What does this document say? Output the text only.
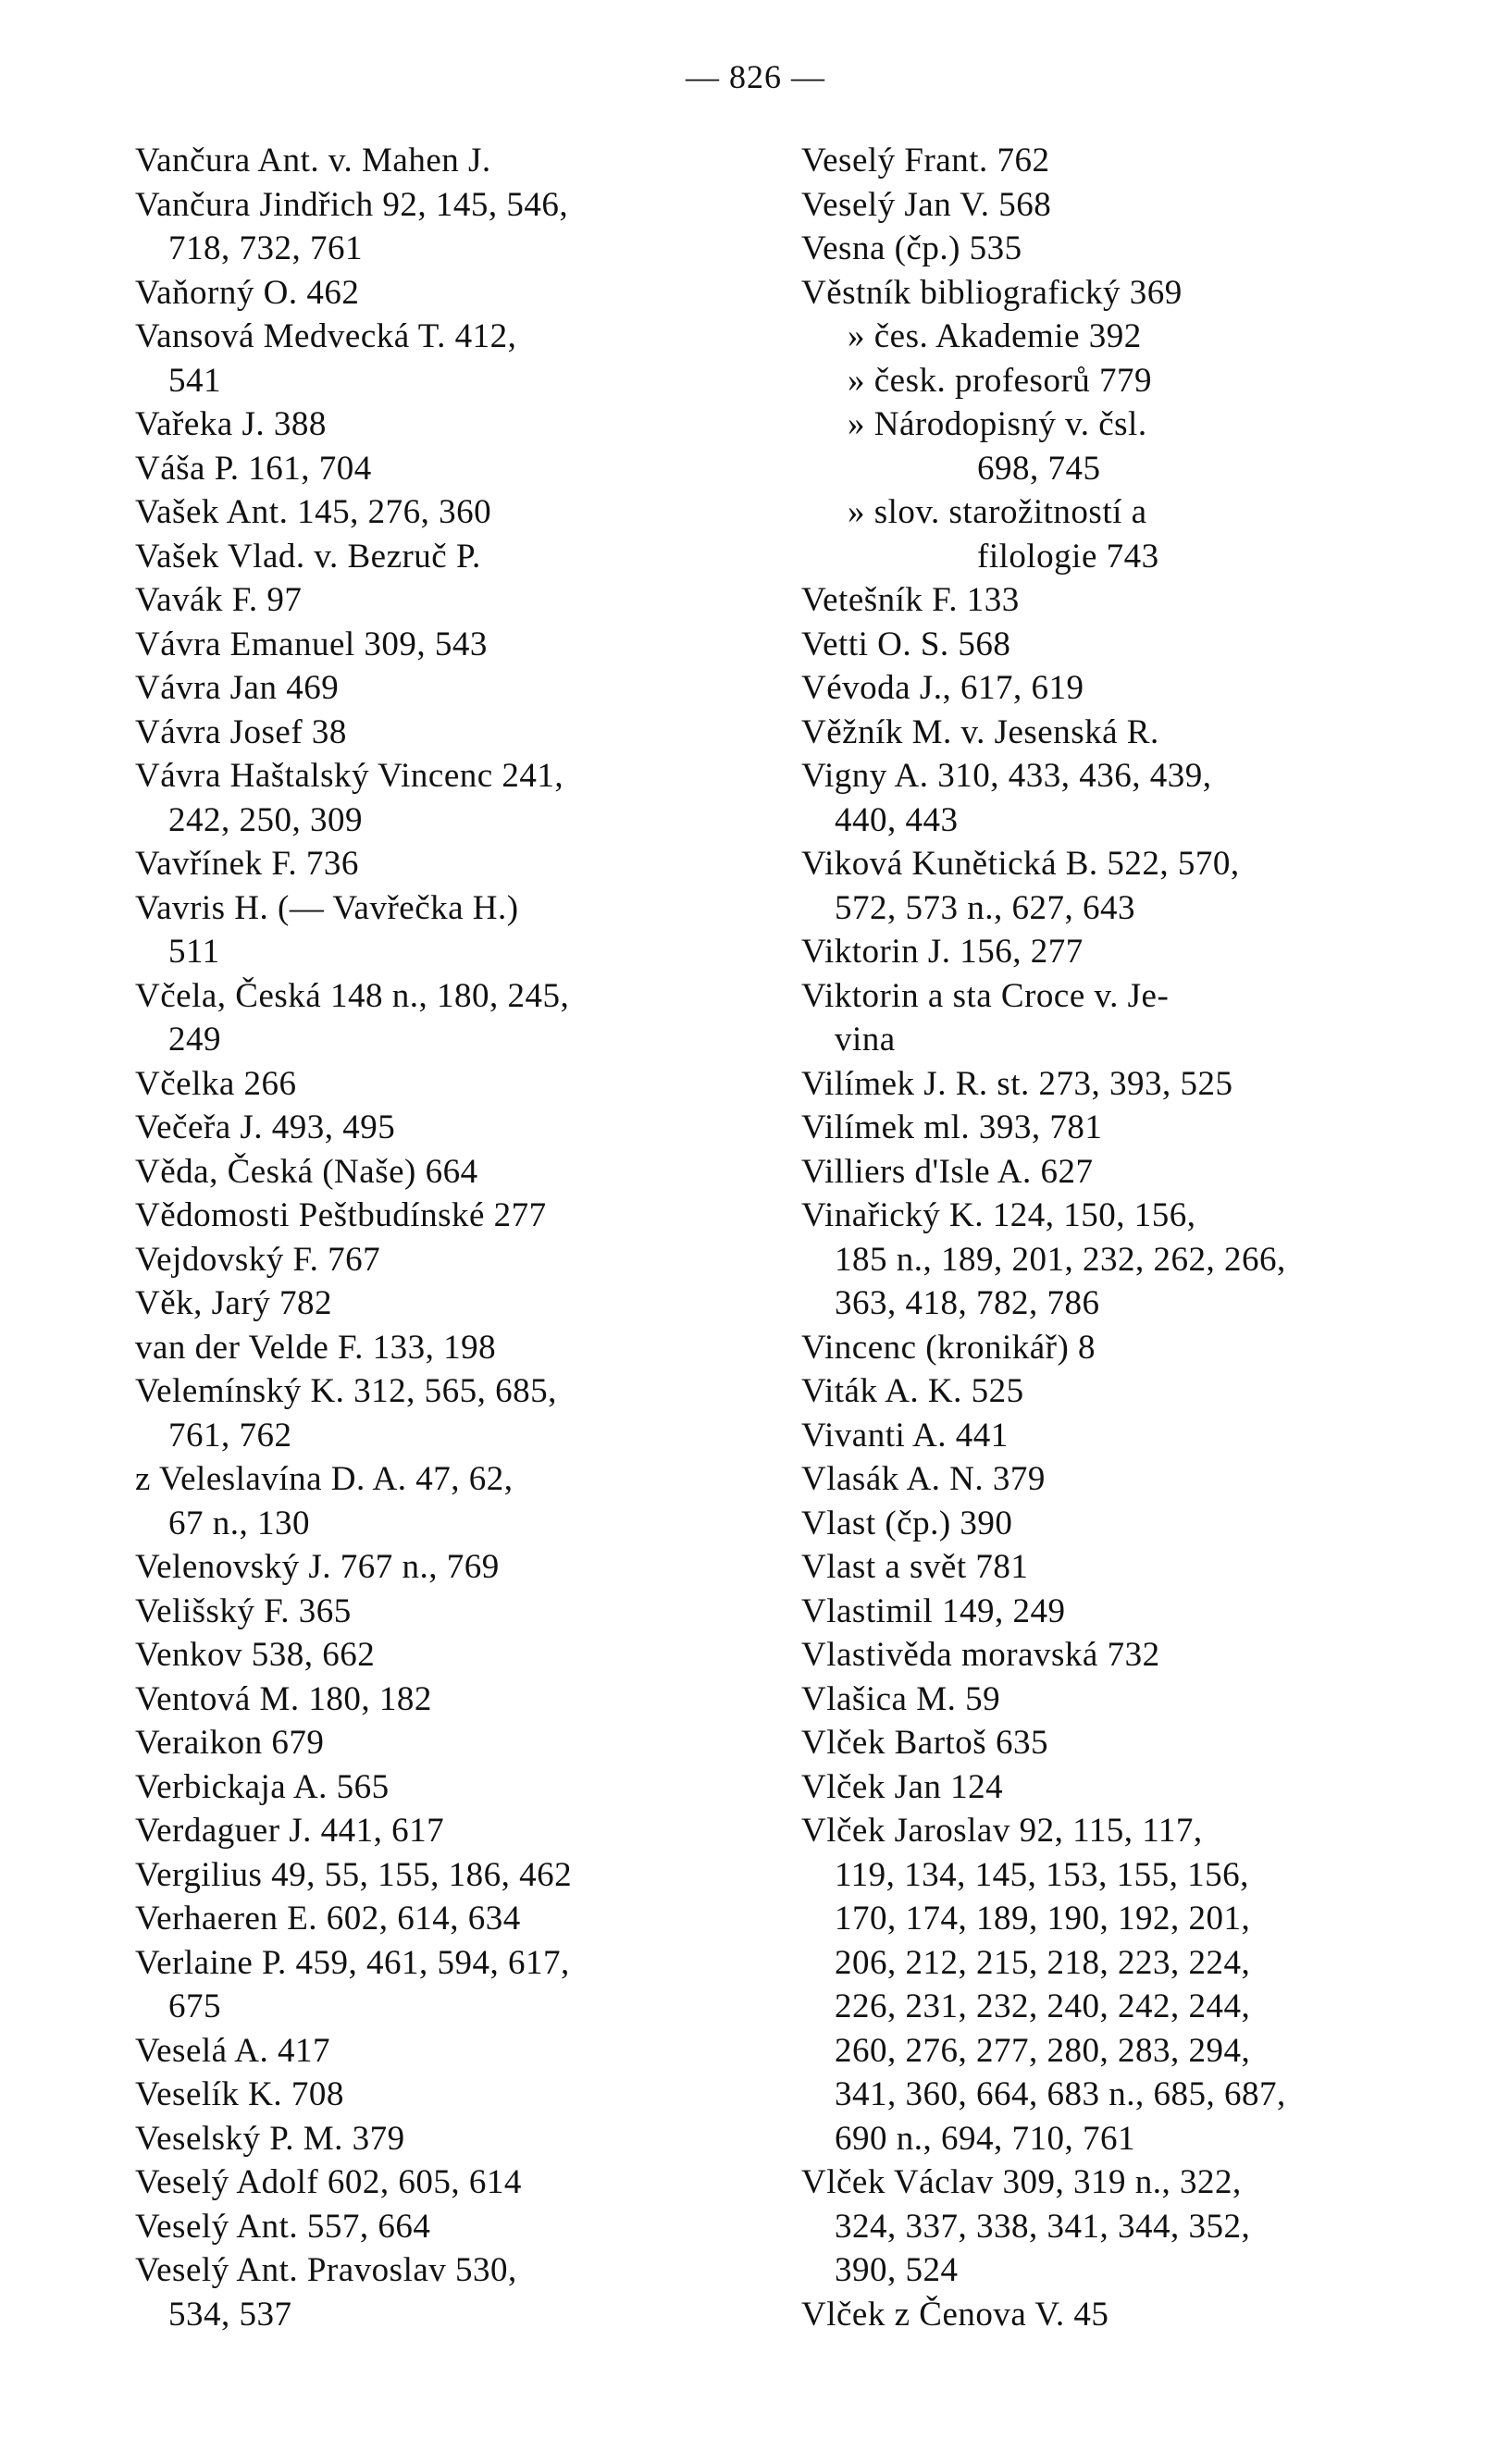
— 826 —
Vančura Ant. v. Mahen J.
Vančura Jindřich 92, 145, 546,
718, 732, 761
Vaňorný O. 462
Vansová Medvecká T. 412,
541
Vařeka J. 388
Váša P. 161, 704
Vašek Ant. 145, 276, 360
Vašek Vlad. v. Bezruč P.
Vavák F. 97
Vávra Emanuel 309, 543
Vávra Jan 469
Vávra Josef 38
Vávra Haštalský Vincenc 241,
242, 250, 309
Vavřínek F. 736
Vavris H. (— Vavřečka H.)
511
Včela, Česká 148 n., 180, 245,
249
Včelka 266
Večeřa J. 493, 495
Věda, Česká (Naše) 664
Vědomosti Peštbudínské 277
Vejdovský F. 767
Věk, Jarý 782
van der Velde F. 133, 198
Velemínský K. 312, 565, 685,
761, 762
z Veleslavína D. A. 47, 62,
67 n., 130
Velenovský J. 767 n., 769
Velišský F. 365
Venkov 538, 662
Ventová M. 180, 182
Veraikon 679
Verbickaja A. 565
Verdaguer J. 441, 617
Vergilius 49, 55, 155, 186, 462
Verhaeren E. 602, 614, 634
Verlaine P. 459, 461, 594, 617,
675
Veselá A. 417
Veselík K. 708
Veselský P. M. 379
Veselý Adolf 602, 605, 614
Veselý Ant. 557, 664
Veselý Ant. Pravoslav 530,
534, 537
Veselý Frant. 762
Veselý Jan V. 568
Vesna (čp.) 535
Věstník bibliografický 369
» čes. Akademie 392
» česk. profesorů 779
» Národopisný v. čsl.
698, 745
» slov. starožitností a
filologie 743
Vetešník F. 133
Vetti O. S. 568
Vévoda J., 617, 619
Věžník M. v. Jesenská R.
Vigny A. 310, 433, 436, 439,
440, 443
Viková Kunětická B. 522, 570,
572, 573 n., 627, 643
Viktorin J. 156, 277
Viktorin a sta Croce v. Je-
vina
Vilímek J. R. st. 273, 393, 525
Vilímek ml. 393, 781
Villiers d'Isle A. 627
Vinařický K. 124, 150, 156,
185 n., 189, 201, 232, 262, 266,
363, 418, 782, 786
Vincenc (kronikář) 8
Viták A. K. 525
Vivanti A. 441
Vlasák A. N. 379
Vlast (čp.) 390
Vlast a svět 781
Vlastimil 149, 249
Vlastivěda moravská 732
Vlašica M. 59
Vlček Bartoš 635
Vlček Jan 124
Vlček Jaroslav 92, 115, 117,
119, 134, 145, 153, 155, 156,
170, 174, 189, 190, 192, 201,
206, 212, 215, 218, 223, 224,
226, 231, 232, 240, 242, 244,
260, 276, 277, 280, 283, 294,
341, 360, 664, 683 n., 685, 687,
690 n., 694, 710, 761
Vlček Václav 309, 319 n., 322,
324, 337, 338, 341, 344, 352,
390, 524
Vlček z Čenova V. 45
